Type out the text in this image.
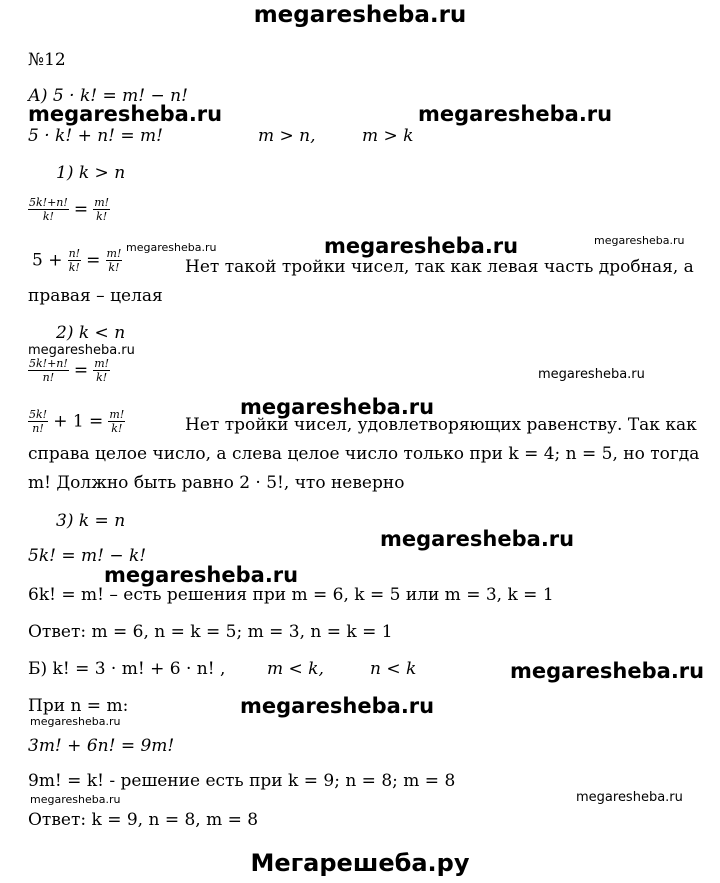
megaresheba.ru
№12
А) 5 · k! = m! − n!
megaresheba.ru	megaresheba.ru
5 · k! + n! = m!	m > n,	m > k
1) k > n
$\frac{5k!+n!}{k!} = \frac{m!}{k!}$
megaresheba.ru	megaresheba.ru	megaresheba.ru
$5 + \frac{n!}{k!} = \frac{m!}{k!}$	Нет такой тройки чисел, так как левая часть дробная, а
правая – целая
2) k < n
megaresheba.ru
$\frac{5k!+n!}{n!} = \frac{m!}{k!}$	megaresheba.ru
megaresheba.ru
$\frac{5k!}{n!} + 1 = \frac{m!}{k!}$	Нет тройки чисел, удовлетворяющих равенству. Так как
справа целое число, а слева целое число только при k = 4; n = 5, но тогда
m! Должно быть равно 2 · 5!, что неверно
3) k = n
megaresheba.ru
5k! = m! − k!
megaresheba.ru
6k! = m! – есть решения при m = 6, k = 5 или m = 3, k = 1
Ответ: m = 6, n = k = 5; m = 3, n = k = 1
Б) k! = 3 · m! + 6 · n! , m < k,	n < k	megaresheba.ru
При n = m:	megaresheba.ru
megaresheba.ru
3m! + 6n! = 9m!
9m! = k! - решение есть при k = 9; n = 8; m = 8
megaresheba.ru	megaresheba.ru
Ответ: k = 9, n = 8, m = 8
Мегарешеба.ру
